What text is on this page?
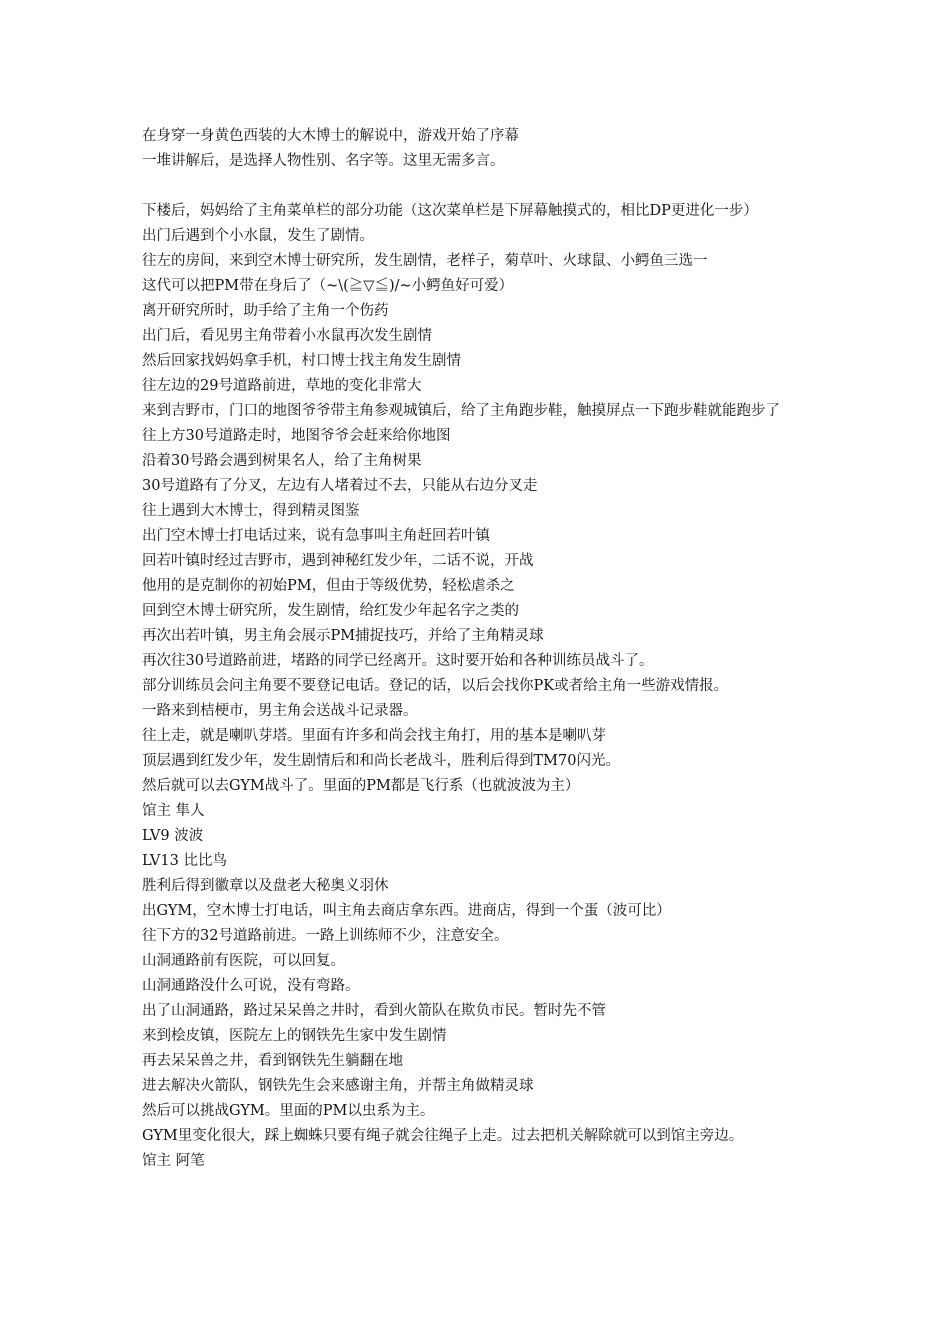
在身穿一身黄色西装的大木博士的解说中，游戏开始了序幕

一堆讲解后，是选择人物性别、名字等。这里无需多言。

下楼后，妈妈给了主角菜单栏的部分功能（这次菜单栏是下屏幕触摸式的，相比DP更进化一步）

出门后遇到个小水鼠，发生了剧情。

往左的房间，来到空木博士研究所，发生剧情，老样子，菊草叶、火球鼠、小鳄鱼三选一

这代可以把PM带在身后了（~\(≧▽≦)/~小鳄鱼好可爱）

离开研究所时，助手给了主角一个伤药

出门后，看见男主角带着小水鼠再次发生剧情

然后回家找妈妈拿手机，村口博士找主角发生剧情

往左边的29号道路前进，草地的变化非常大

来到吉野市，门口的地图爷爷带主角参观城镇后，给了主角跑步鞋，触摸屏点一下跑步鞋就能跑步了

往上方30号道路走时，地图爷爷会赶来给你地图

沿着30号路会遇到树果名人，给了主角树果

30号道路有了分叉，左边有人堵着过不去，只能从右边分叉走

往上遇到大木博士，得到精灵图鉴

出门空木博士打电话过来，说有急事叫主角赶回若叶镇

回若叶镇时经过吉野市，遇到神秘红发少年，二话不说，开战

他用的是克制你的初始PM，但由于等级优势，轻松虐杀之

回到空木博士研究所，发生剧情，给红发少年起名字之类的

再次出若叶镇，男主角会展示PM捕捉技巧，并给了主角精灵球

再次往30号道路前进，堵路的同学已经离开。这时要开始和各种训练员战斗了。

部分训练员会问主角要不要登记电话。登记的话，以后会找你PK或者给主角一些游戏情报。

一路来到桔梗市，男主角会送战斗记录器。

往上走，就是喇叭芽塔。里面有许多和尚会找主角打，用的基本是喇叭芽

顶层遇到红发少年，发生剧情后和和尚长老战斗，胜利后得到TM70闪光。

然后就可以去GYM战斗了。里面的PM都是飞行系（也就波波为主）

馆主 隼人

LV9 波波

LV13 比比鸟

胜利后得到徽章以及盘老大秘奥义羽休

出GYM，空木博士打电话，叫主角去商店拿东西。进商店，得到一个蛋（波可比）

往下方的32号道路前进。一路上训练师不少，注意安全。

山洞通路前有医院，可以回复。

山洞通路没什么可说，没有弯路。

出了山洞通路，路过呆呆兽之井时，看到火箭队在欺负市民。暂时先不管

来到桧皮镇，医院左上的钢铁先生家中发生剧情

再去呆呆兽之井，看到钢铁先生躺翻在地

进去解决火箭队，钢铁先生会来感谢主角，并帮主角做精灵球

然后可以挑战GYM。里面的PM以虫系为主。

GYM里变化很大，踩上蜘蛛只要有绳子就会往绳子上走。过去把机关解除就可以到馆主旁边。

馆主 阿笔
